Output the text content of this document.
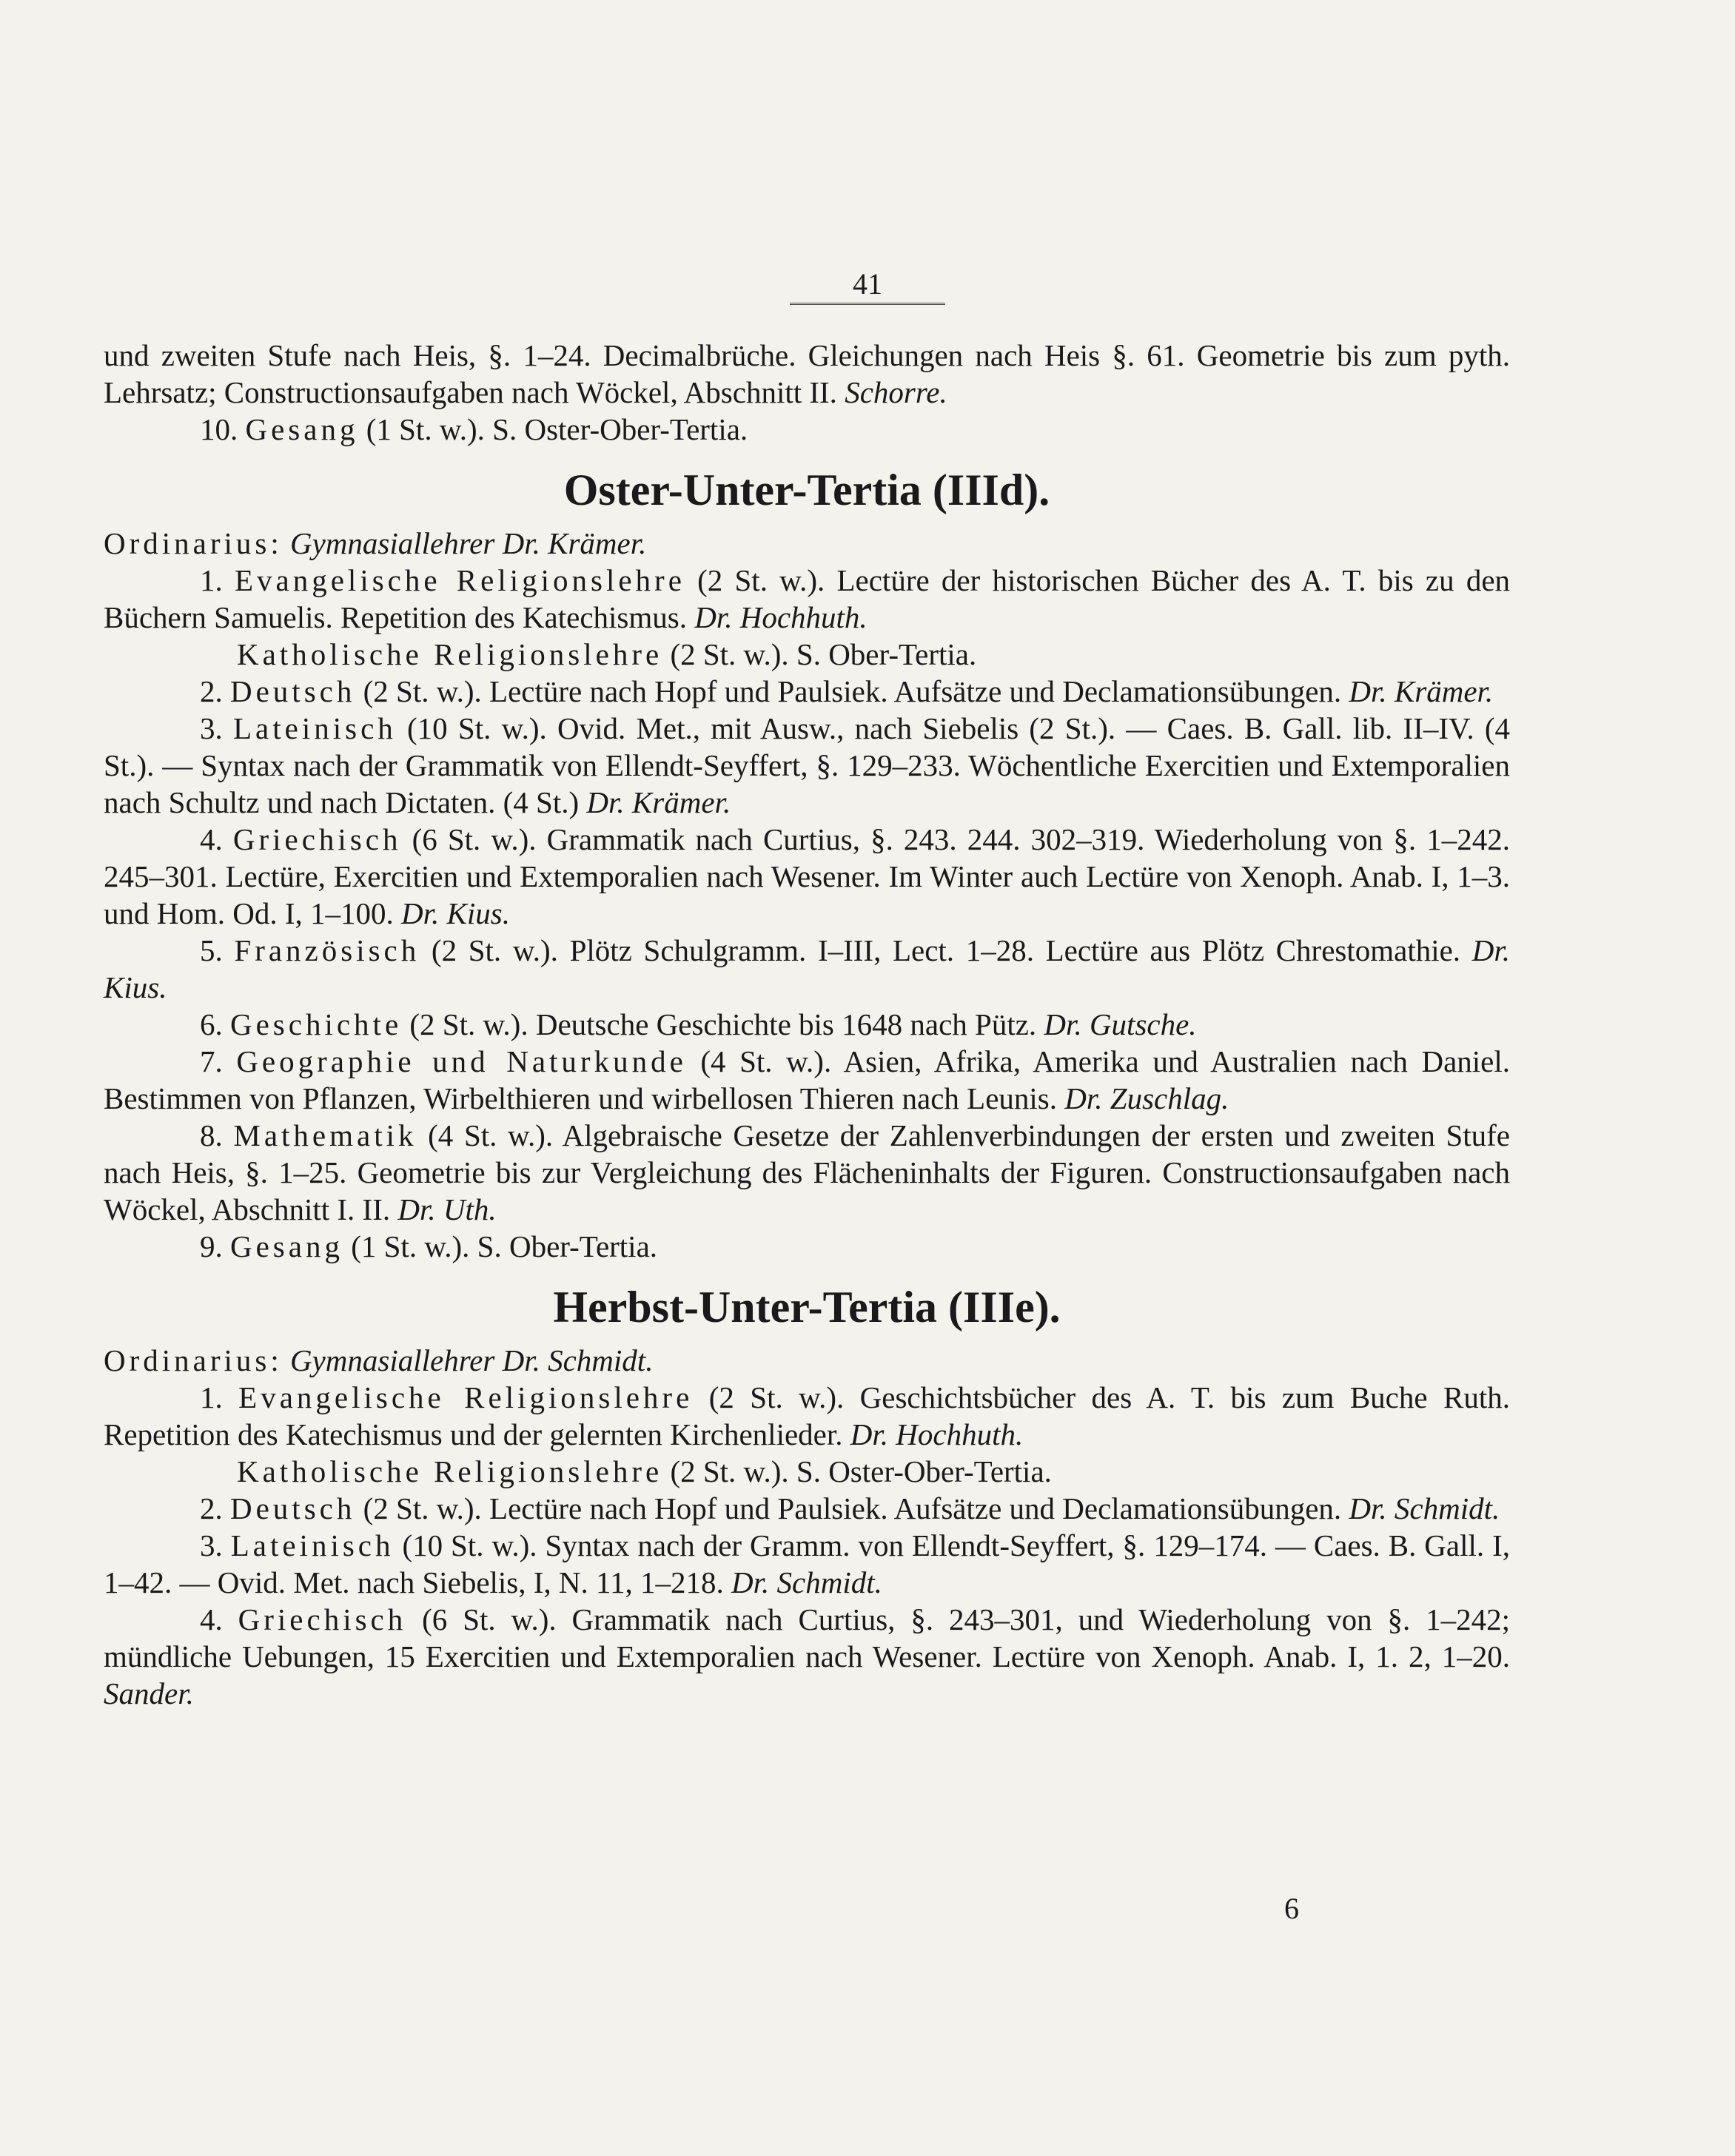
41

und zweiten Stufe nach Heis, §. 1–24. Decimalbrüche. Gleichungen nach Heis §. 61. Geometrie bis zum pyth. Lehrsatz; Constructionsaufgaben nach Wöckel, Abschnitt II. Schorre.

10. Gesang (1 St. w.). S. Oster-Ober-Tertia.

Oster-Unter-Tertia (IIId).

Ordinarius: Gymnasiallehrer Dr. Krämer.

1. Evangelische Religionslehre (2 St. w.). Lectüre der historischen Bücher des A. T. bis zu den Büchern Samuelis. Repetition des Katechismus. Dr. Hochhuth.

Katholische Religionslehre (2 St. w.). S. Ober-Tertia.

2. Deutsch (2 St. w.). Lectüre nach Hopf und Paulsiek. Aufsätze und Declamationsübungen. Dr. Krämer.

3. Lateinisch (10 St. w.). Ovid. Met., mit Ausw., nach Siebelis (2 St.). — Caes. B. Gall. lib. II–IV. (4 St.). — Syntax nach der Grammatik von Ellendt-Seyffert, §. 129–233. Wöchentliche Exercitien und Extemporalien nach Schultz und nach Dictaten. (4 St.) Dr. Krämer.

4. Griechisch (6 St. w.). Grammatik nach Curtius, §. 243. 244. 302–319. Wiederholung von §. 1–242. 245–301. Lectüre, Exercitien und Extemporalien nach Wesener. Im Winter auch Lectüre von Xenoph. Anab. I, 1–3. und Hom. Od. I, 1–100. Dr. Kius.

5. Französisch (2 St. w.). Plötz Schulgramm. I–III, Lect. 1–28. Lectüre aus Plötz Chrestomathie. Dr. Kius.

6. Geschichte (2 St. w.). Deutsche Geschichte bis 1648 nach Pütz. Dr. Gutsche.

7. Geographie und Naturkunde (4 St. w.). Asien, Afrika, Amerika und Australien nach Daniel. Bestimmen von Pflanzen, Wirbelthieren und wirbellosen Thieren nach Leunis. Dr. Zuschlag.

8. Mathematik (4 St. w.). Algebraische Gesetze der Zahlenverbindungen der ersten und zweiten Stufe nach Heis, §. 1–25. Geometrie bis zur Vergleichung des Flächeninhalts der Figuren. Constructionsaufgaben nach Wöckel, Abschnitt I. II. Dr. Uth.

9. Gesang (1 St. w.). S. Ober-Tertia.

Herbst-Unter-Tertia (IIIe).

Ordinarius: Gymnasiallehrer Dr. Schmidt.

1. Evangelische Religionslehre (2 St. w.). Geschichtsbücher des A. T. bis zum Buche Ruth. Repetition des Katechismus und der gelernten Kirchenlieder. Dr. Hochhuth.

Katholische Religionslehre (2 St. w.). S. Oster-Ober-Tertia.

2. Deutsch (2 St. w.). Lectüre nach Hopf und Paulsiek. Aufsätze und Declamationsübungen. Dr. Schmidt.

3. Lateinisch (10 St. w.). Syntax nach der Gramm. von Ellendt-Seyffert, §. 129–174. — Caes. B. Gall. I, 1–42. — Ovid. Met. nach Siebelis, I, N. 11, 1–218. Dr. Schmidt.

4. Griechisch (6 St. w.). Grammatik nach Curtius, §. 243–301, und Wiederholung von §. 1–242; mündliche Uebungen, 15 Exercitien und Extemporalien nach Wesener. Lectüre von Xenoph. Anab. I, 1. 2, 1–20. Sander.

6
